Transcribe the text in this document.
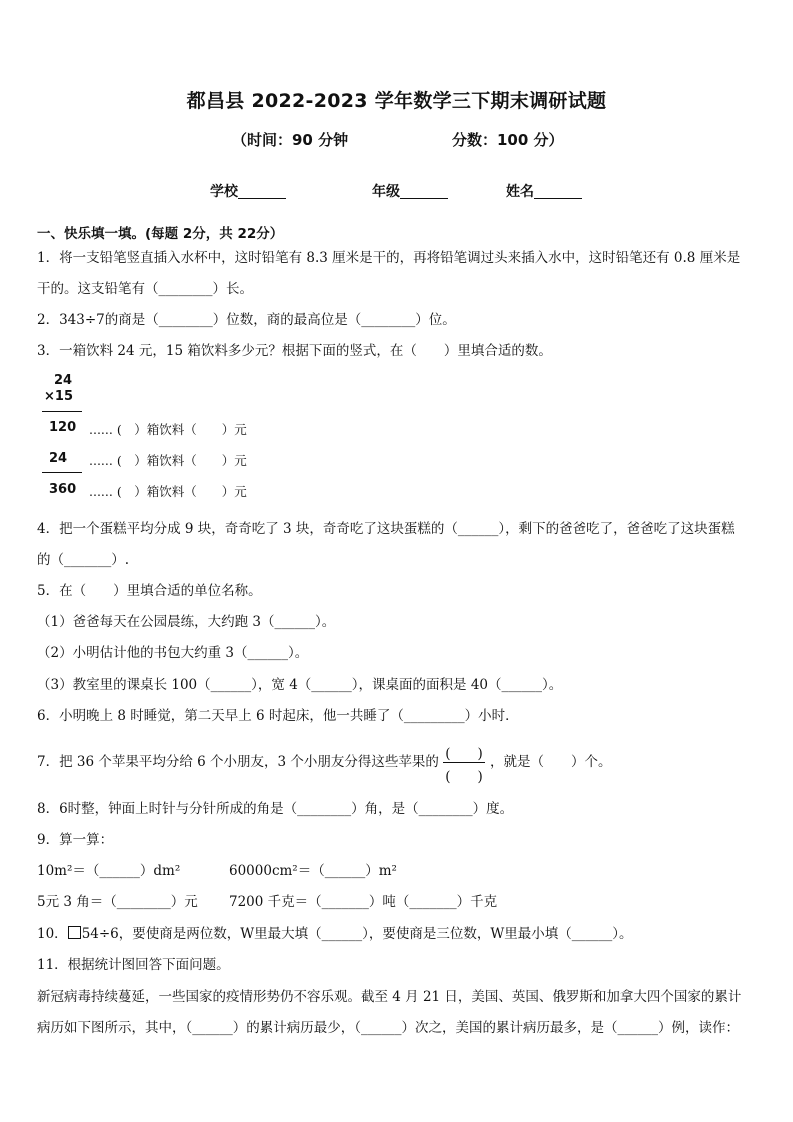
都昌县 2022-2023 学年数学三下期末调研试题
（时间：90 分钟	分数：100 分）
学校	年级	姓名
一、快乐填一填。(每题 2分，共 22分）
1．将一支铅笔竖直插入水杯中，这时铅笔有 8.3 厘米是干的，再将铅笔调过头来插入水中，这时铅笔还有 0.8 厘米是
干的。这支铅笔有（________）长。
2．343÷7的商是（________）位数，商的最高位是（________）位。
3．一箱饮料 24 元，15 箱饮料多少元？根据下面的竖式，在（　　）里填合适的数。
24
×15
120 ...... (　）箱饮料（　　）元
24 ...... (　）箱饮料（　　）元
360 ...... (　）箱饮料（　　）元
4．把一个蛋糕平均分成 9 块，奇奇吃了 3 块，奇奇吃了这块蛋糕的（______），剩下的爸爸吃了，爸爸吃了这块蛋糕
的（_______）.
5．在（　　）里填合适的单位名称。
（1）爸爸每天在公园晨练，大约跑 3（______）。
（2）小明估计他的书包大约重 3（______）。
（3）教室里的课桌长 100（______），宽 4（______），课桌面的面积是 40（______）。
6．小明晚上 8 时睡觉，第二天早上 6 时起床，他一共睡了（_________）小时．
7．把 36 个苹果平均分给 6 个小朋友，3 个小朋友分得这些苹果的 (　　)
(　　)
，就是（　　）个。
8．6时整，钟面上时针与分针所成的角是（________）角，是（________）度。
9．算一算：
10m²＝（______）dm²	60000cm²＝（______）m²
5元 3 角＝（________）元 7200 千克＝（_______）吨（_______）千克
10． 54÷6，要使商是两位数，W里最大填（______），要使商是三位数，W里最小填（______）。
11．根据统计图回答下面问题。
新冠病毒持续蔓延，一些国家的疫情形势仍不容乐观。截至 4 月 21 日，美国、英国、俄罗斯和加拿大四个国家的累计
病历如下图所示，其中，（______）的累计病历最少，（______）次之，美国的累计病历最多，是（______）例，读作：
